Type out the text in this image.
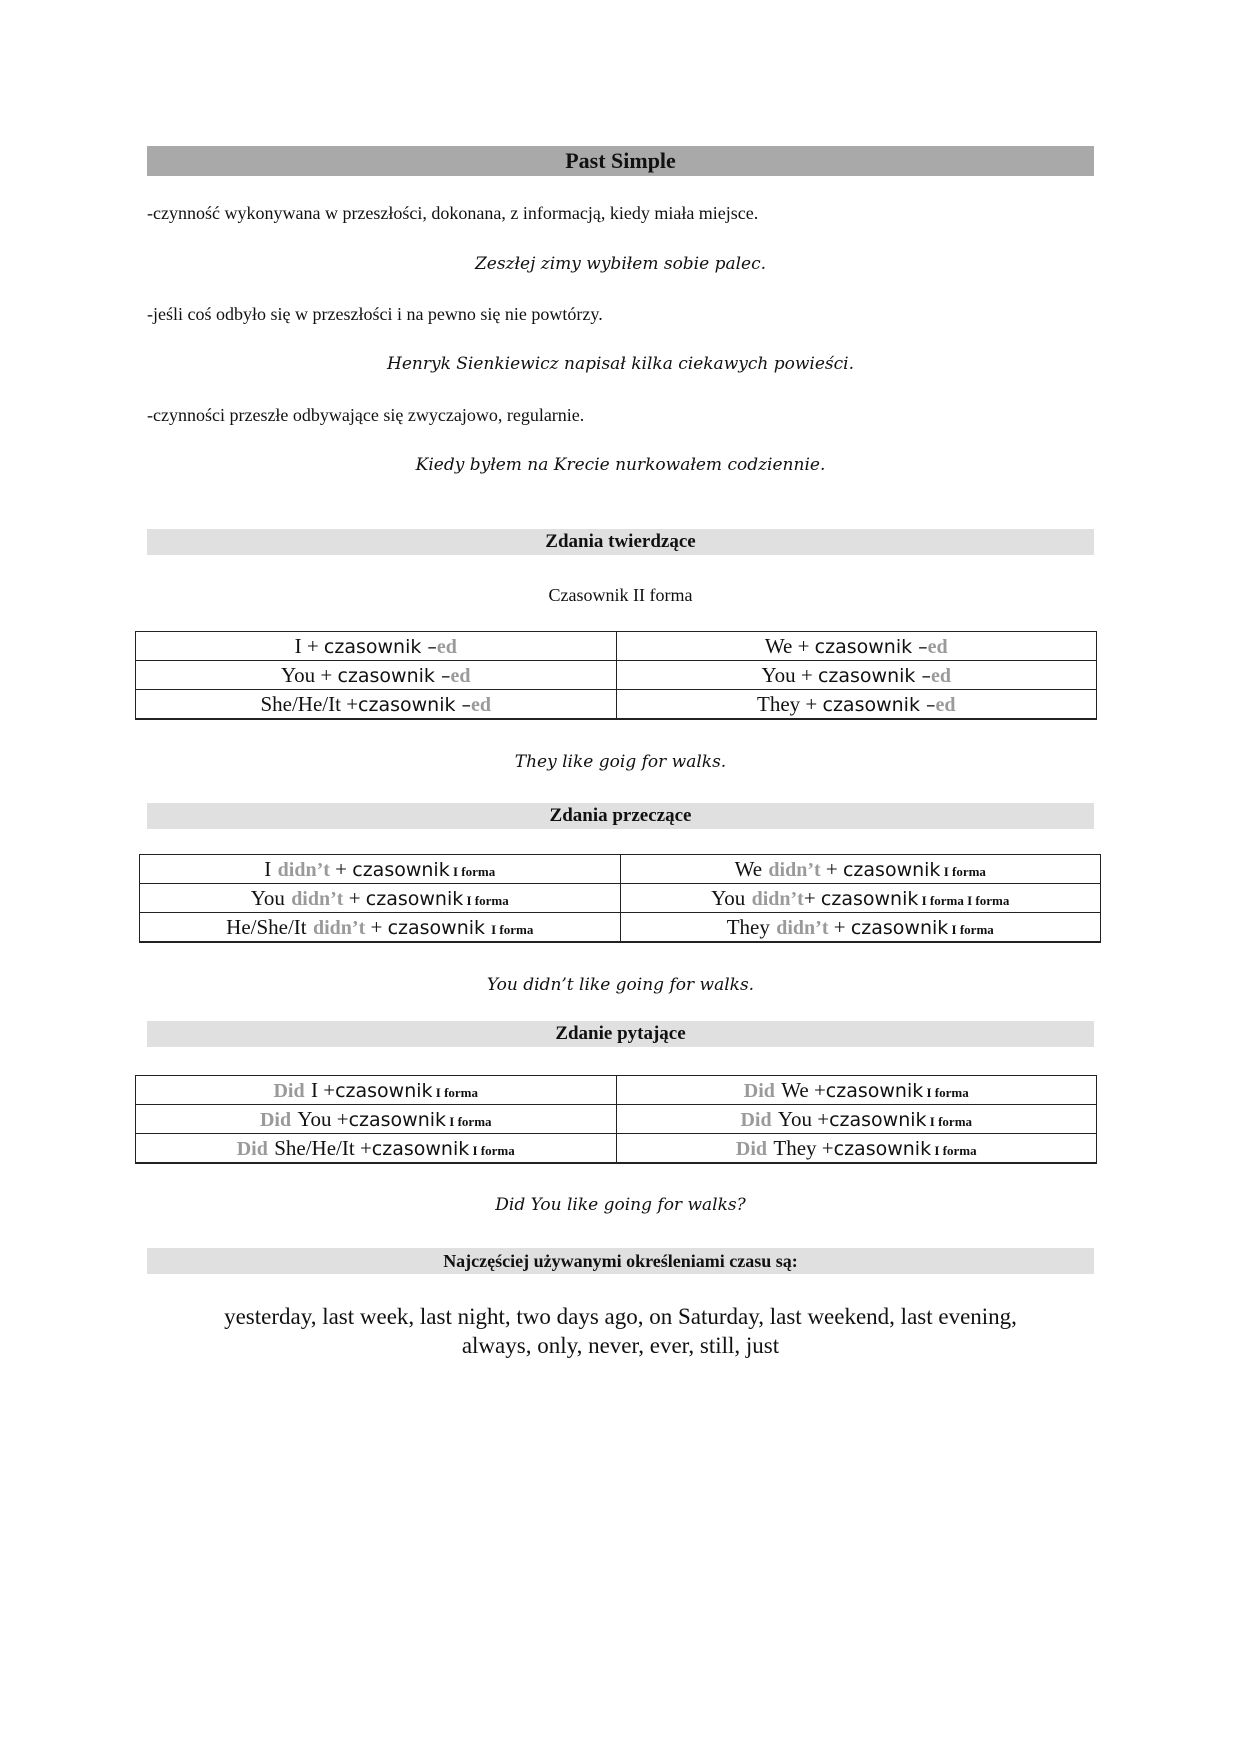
Past Simple
-czynność wykonywana w przeszłości, dokonana, z informacją, kiedy miała miejsce.
Zeszłej zimy wybiłem sobie palec.
-jeśli coś odbyło się w przeszłości i na pewno się nie powtórzy.
Henryk Sienkiewicz napisał kilka ciekawych powieści.
-czynności przeszłe odbywające się zwyczajowo, regularnie.
Kiedy byłem na Krecie nurkowałem codziennie.
Zdania twierdzące
Czasownik II forma
I + czasownik –ed	We + czasownik –ed
You + czasownik –ed	You + czasownik –ed
She/He/It +czasownik –ed	They + czasownik –ed
They like goig for walks.
Zdania przeczące
I didn’t + czasownik I forma	We didn’t + czasownik I forma
You didn’t + czasownik I forma	You didn’t+ czasownik I forma I forma
He/She/It didn’t + czasownik I forma	They didn’t + czasownik I forma
You didn’t like going for walks.
Zdanie pytające
Did I +czasownik I forma	Did We +czasownik I forma
Did You +czasownik I forma	Did You +czasownik I forma
Did She/He/It +czasownik I forma	Did They +czasownik I forma
Did You like going for walks?
Najczęściej używanymi określeniami czasu są:
yesterday, last week, last night, two days ago, on Saturday, last weekend, last evening,
always, only, never, ever, still, just
